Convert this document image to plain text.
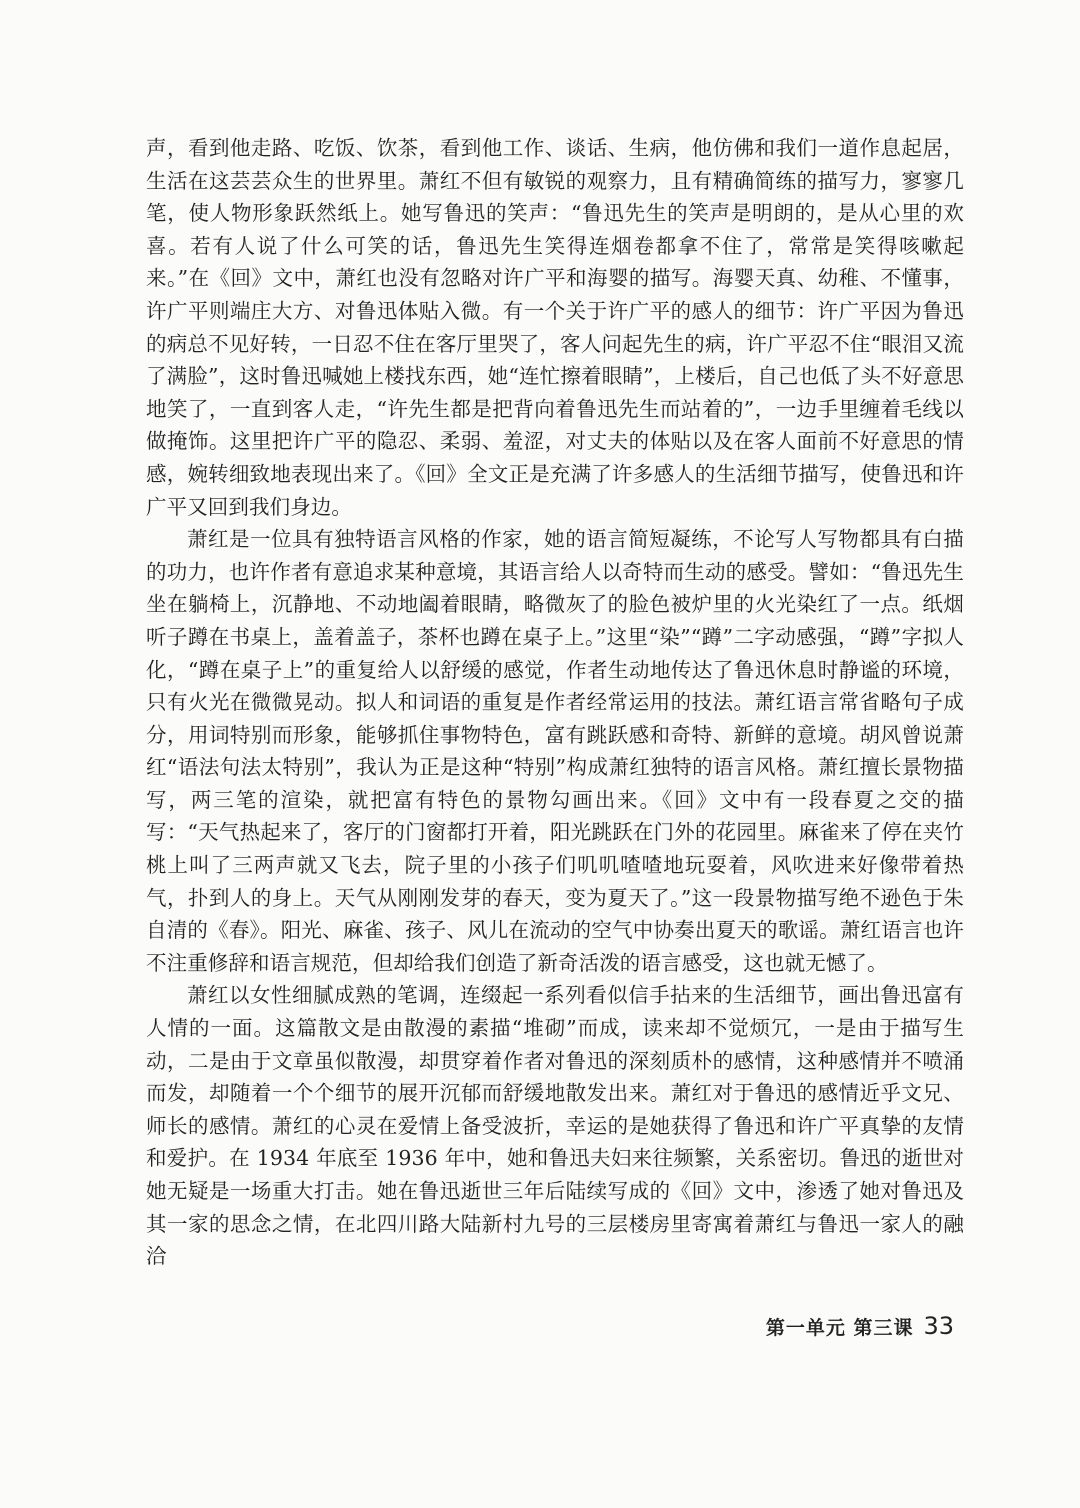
声，看到他走路、吃饭、饮茶，看到他工作、谈话、生病，他仿佛和我们一道作息起居，生活在这芸芸众生的世界里。萧红不但有敏锐的观察力，且有精确简练的描写力，寥寥几笔，使人物形象跃然纸上。她写鲁迅的笑声：“鲁迅先生的笑声是明朗的，是从心里的欢喜。若有人说了什么可笑的话，鲁迅先生笑得连烟卷都拿不住了，常常是笑得咳嗽起来。”在《回》文中，萧红也没有忽略对许广平和海婴的描写。海婴天真、幼稚、不懂事，许广平则端庄大方、对鲁迅体贴入微。有一个关于许广平的感人的细节：许广平因为鲁迅的病总不见好转，一日忍不住在客厅里哭了，客人问起先生的病，许广平忍不住“眼泪又流了满脸”，这时鲁迅喊她上楼找东西，她“连忙擦着眼睛”，上楼后，自己也低了头不好意思地笑了，一直到客人走，“许先生都是把背向着鲁迅先生而站着的”，一边手里缠着毛线以做掩饰。这里把许广平的隐忍、柔弱、羞涩，对丈夫的体贴以及在客人面前不好意思的情感，婉转细致地表现出来了。《回》全文正是充满了许多感人的生活细节描写，使鲁迅和许广平又回到我们身边。

萧红是一位具有独特语言风格的作家，她的语言简短凝练，不论写人写物都具有白描的功力，也许作者有意追求某种意境，其语言给人以奇特而生动的感受。譬如：“鲁迅先生坐在躺椅上，沉静地、不动地阖着眼睛，略微灰了的脸色被炉里的火光染红了一点。纸烟听子蹲在书桌上，盖着盖子，茶杯也蹲在桌子上。”这里“染”“蹲”二字动感强，“蹲”字拟人化，“蹲在桌子上”的重复给人以舒缓的感觉，作者生动地传达了鲁迅休息时静谧的环境，只有火光在微微晃动。拟人和词语的重复是作者经常运用的技法。萧红语言常省略句子成分，用词特别而形象，能够抓住事物特色，富有跳跃感和奇特、新鲜的意境。胡风曾说萧红“语法句法太特别”，我认为正是这种“特别”构成萧红独特的语言风格。萧红擅长景物描写，两三笔的渲染，就把富有特色的景物勾画出来。《回》文中有一段春夏之交的描写：“天气热起来了，客厅的门窗都打开着，阳光跳跃在门外的花园里。麻雀来了停在夹竹桃上叫了三两声就又飞去，院子里的小孩子们叽叽喳喳地玩耍着，风吹进来好像带着热气，扑到人的身上。天气从刚刚发芽的春天，变为夏天了。”这一段景物描写绝不逊色于朱自清的《春》。阳光、麻雀、孩子、风儿在流动的空气中协奏出夏天的歌谣。萧红语言也许不注重修辞和语言规范，但却给我们创造了新奇活泼的语言感受，这也就无憾了。

萧红以女性细腻成熟的笔调，连缀起一系列看似信手拈来的生活细节，画出鲁迅富有人情的一面。这篇散文是由散漫的素描“堆砌”而成，读来却不觉烦冗，一是由于描写生动，二是由于文章虽似散漫，却贯穿着作者对鲁迅的深刻质朴的感情，这种感情并不喷涌而发，却随着一个个细节的展开沉郁而舒缓地散发出来。萧红对于鲁迅的感情近乎文兄、师长的感情。萧红的心灵在爱情上备受波折，幸运的是她获得了鲁迅和许广平真挚的友情和爱护。在 1934 年底至 1936 年中，她和鲁迅夫妇来往频繁，关系密切。鲁迅的逝世对她无疑是一场重大打击。她在鲁迅逝世三年后陆续写成的《回》文中，渗透了她对鲁迅及其一家的思念之情，在北四川路大陆新村九号的三层楼房里寄寓着萧红与鲁迅一家人的融洽

第一单元 第三课 33
